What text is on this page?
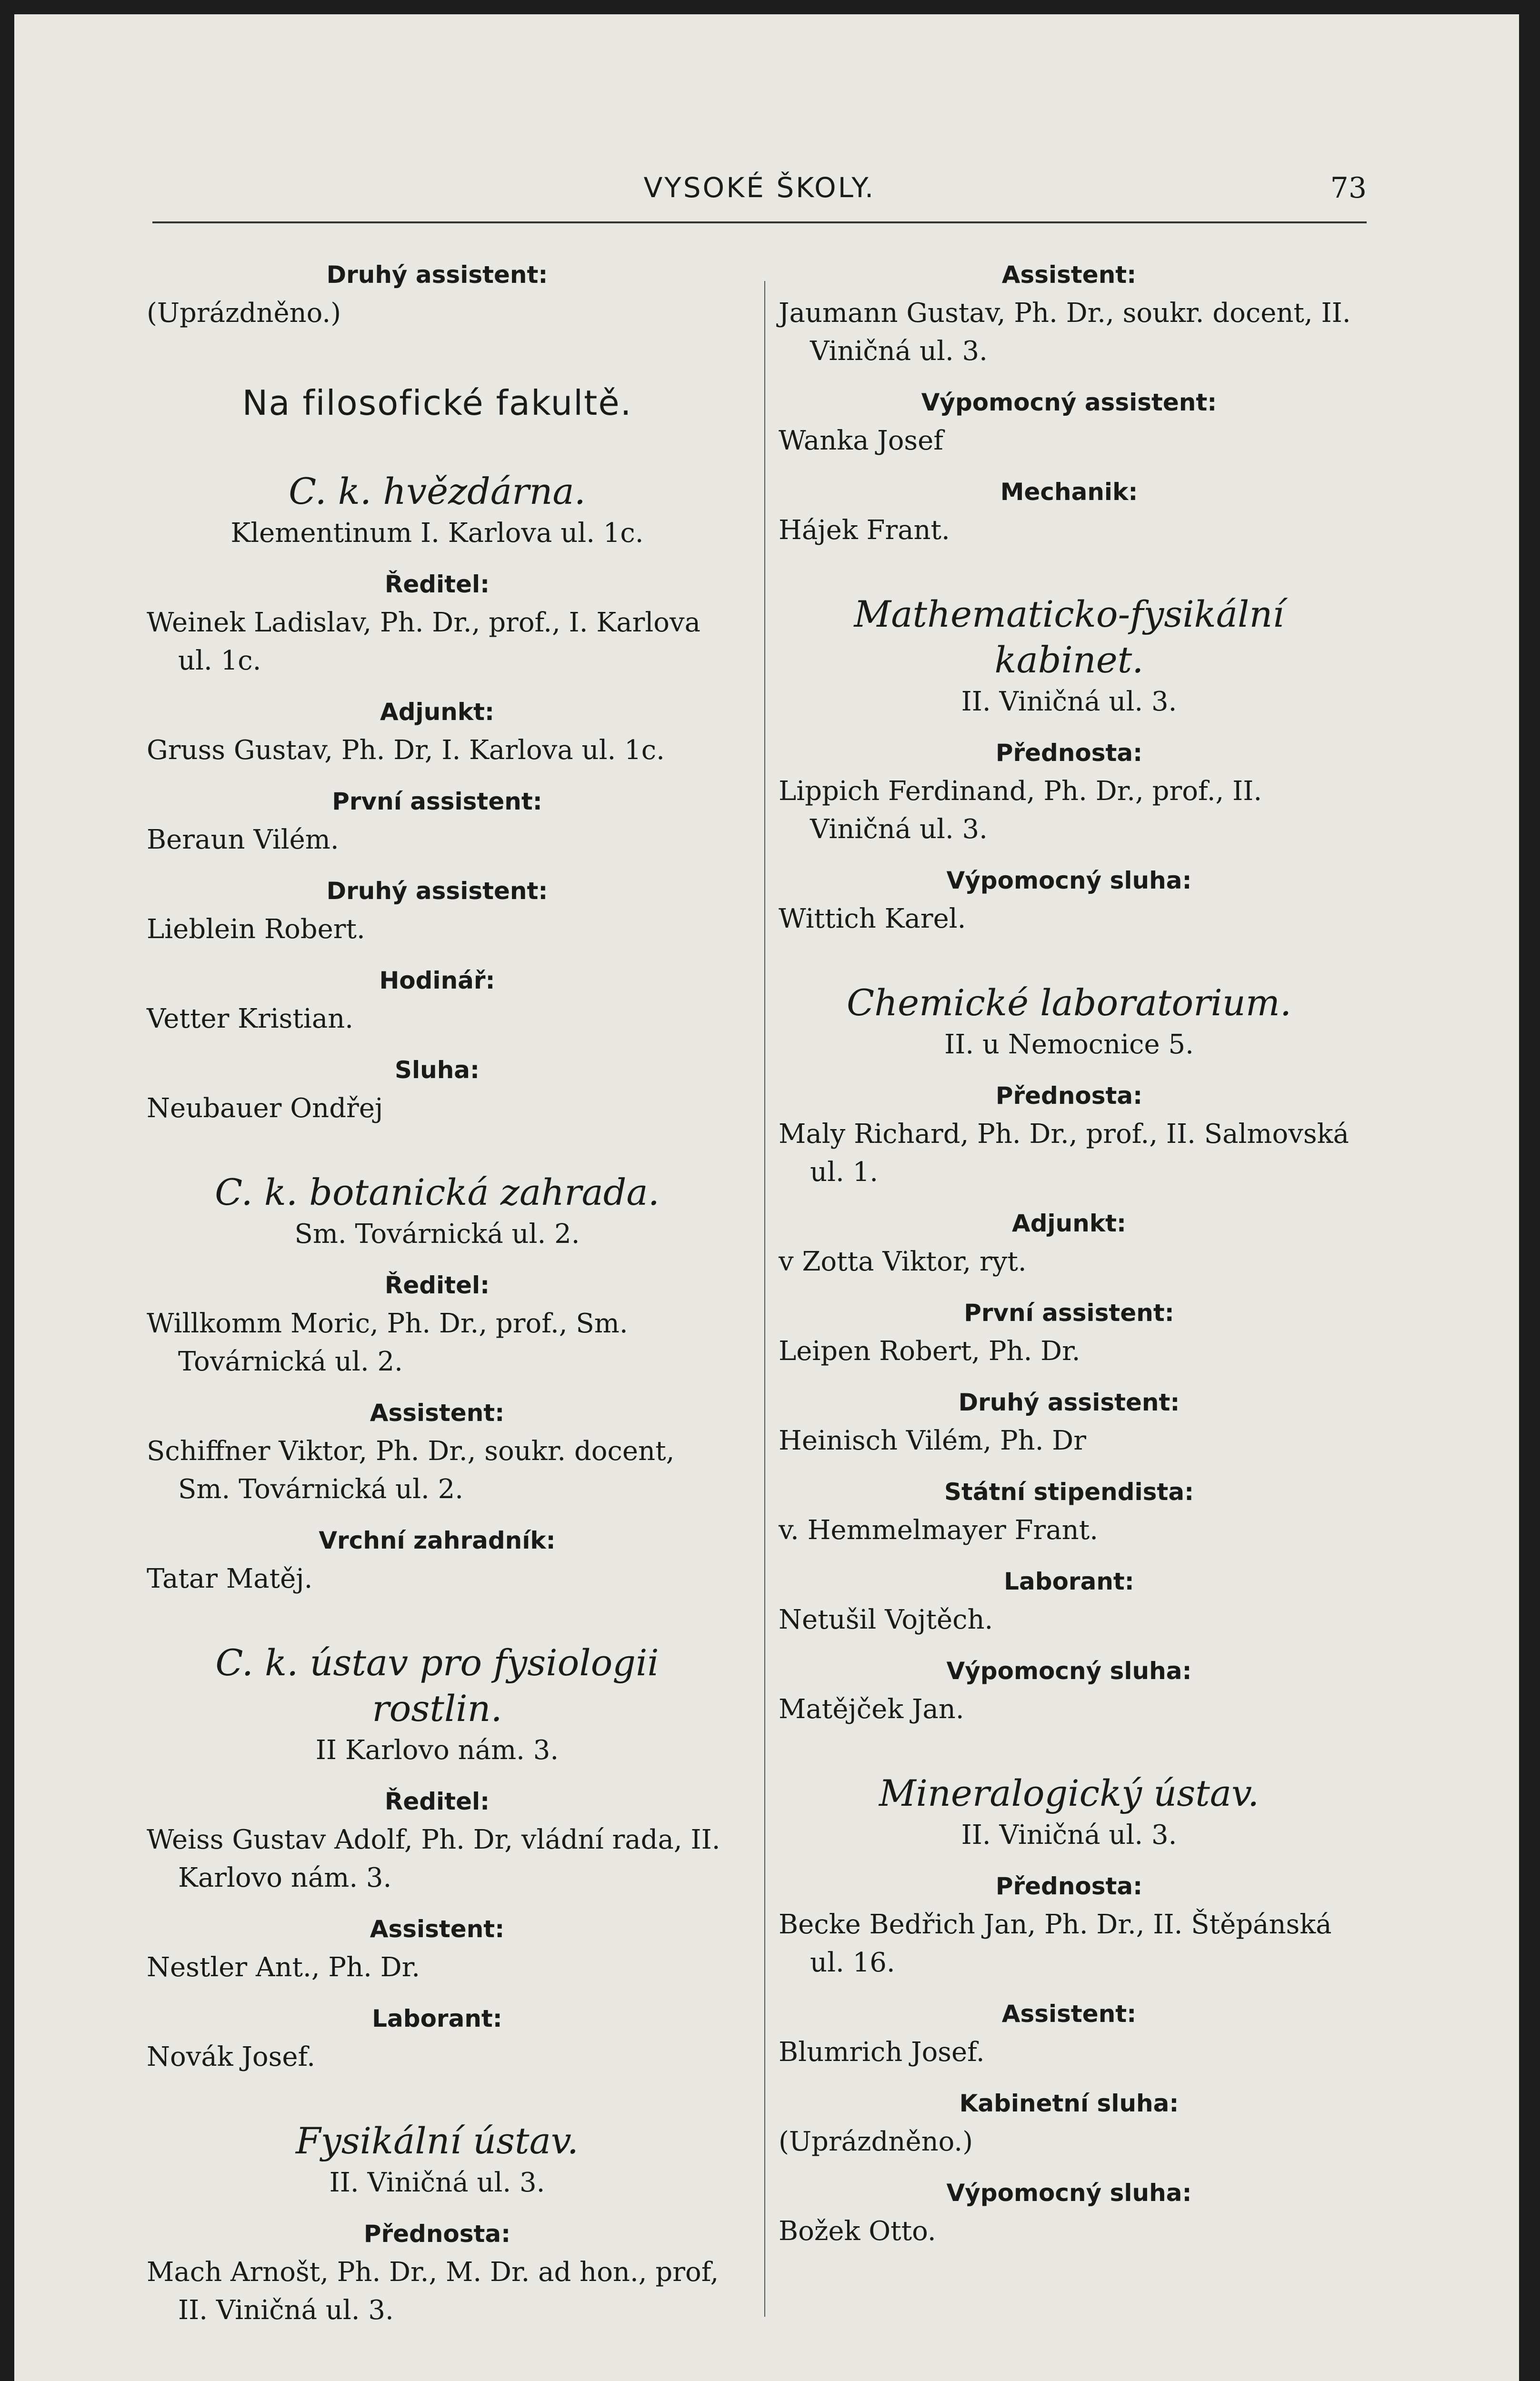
VYSOKÉ ŠKOLY.	73
Druhý assistent:

(Uprázdněno.)

Na filosofické fakultě.
C. k. hvězdárna.
Klementinum I. Karlova ul. 1c.
Ředitel:

Weinek Ladislav, Ph. Dr., prof., I. Karlova ul. 1c.

Adjunkt:

Gruss Gustav, Ph. Dr, I. Karlova ul. 1c.

První assistent:

Beraun Vilém.

Druhý assistent:

Lieblein Robert.

Hodinář:

Vetter Kristian.

Sluha:

Neubauer Ondřej

C. k. botanická zahrada.
Sm. Továrnická ul. 2.
Ředitel:

Willkomm Moric, Ph. Dr., prof., Sm. Továrnická ul. 2.

Assistent:

Schiffner Viktor, Ph. Dr., soukr. docent, Sm. Továrnická ul. 2.

Vrchní zahradník:

Tatar Matěj.

C. k. ústav pro fysiologii rostlin.
II Karlovo nám. 3.
Ředitel:

Weiss Gustav Adolf, Ph. Dr, vládní rada, II. Karlovo nám. 3.

Assistent:

Nestler Ant., Ph. Dr.

Laborant:

Novák Josef.

Fysikální ústav.
II. Viničná ul. 3.
Přednosta:

Mach Arnošt, Ph. Dr., M. Dr. ad hon., prof, II. Viničná ul. 3.

Assistent:

Jaumann Gustav, Ph. Dr., soukr. docent, II. Viničná ul. 3.

Výpomocný assistent:

Wanka Josef

Mechanik:

Hájek Frant.

Mathematicko-fysikální kabinet.
II. Viničná ul. 3.
Přednosta:

Lippich Ferdinand, Ph. Dr., prof., II. Viničná ul. 3.

Výpomocný sluha:

Wittich Karel.

Chemické laboratorium.
II. u Nemocnice 5.
Přednosta:

Maly Richard, Ph. Dr., prof., II. Salmovská ul. 1.

Adjunkt:

v Zotta Viktor, ryt.

První assistent:

Leipen Robert, Ph. Dr.

Druhý assistent:

Heinisch Vilém, Ph. Dr

Státní stipendista:

v. Hemmelmayer Frant.

Laborant:

Netušil Vojtěch.

Výpomocný sluha:

Matějček Jan.

Mineralogický ústav.
II. Viničná ul. 3.
Přednosta:

Becke Bedřich Jan, Ph. Dr., II. Štěpánská ul. 16.

Assistent:

Blumrich Josef.

Kabinetní sluha:

(Uprázdněno.)

Výpomocný sluha:

Božek Otto.
